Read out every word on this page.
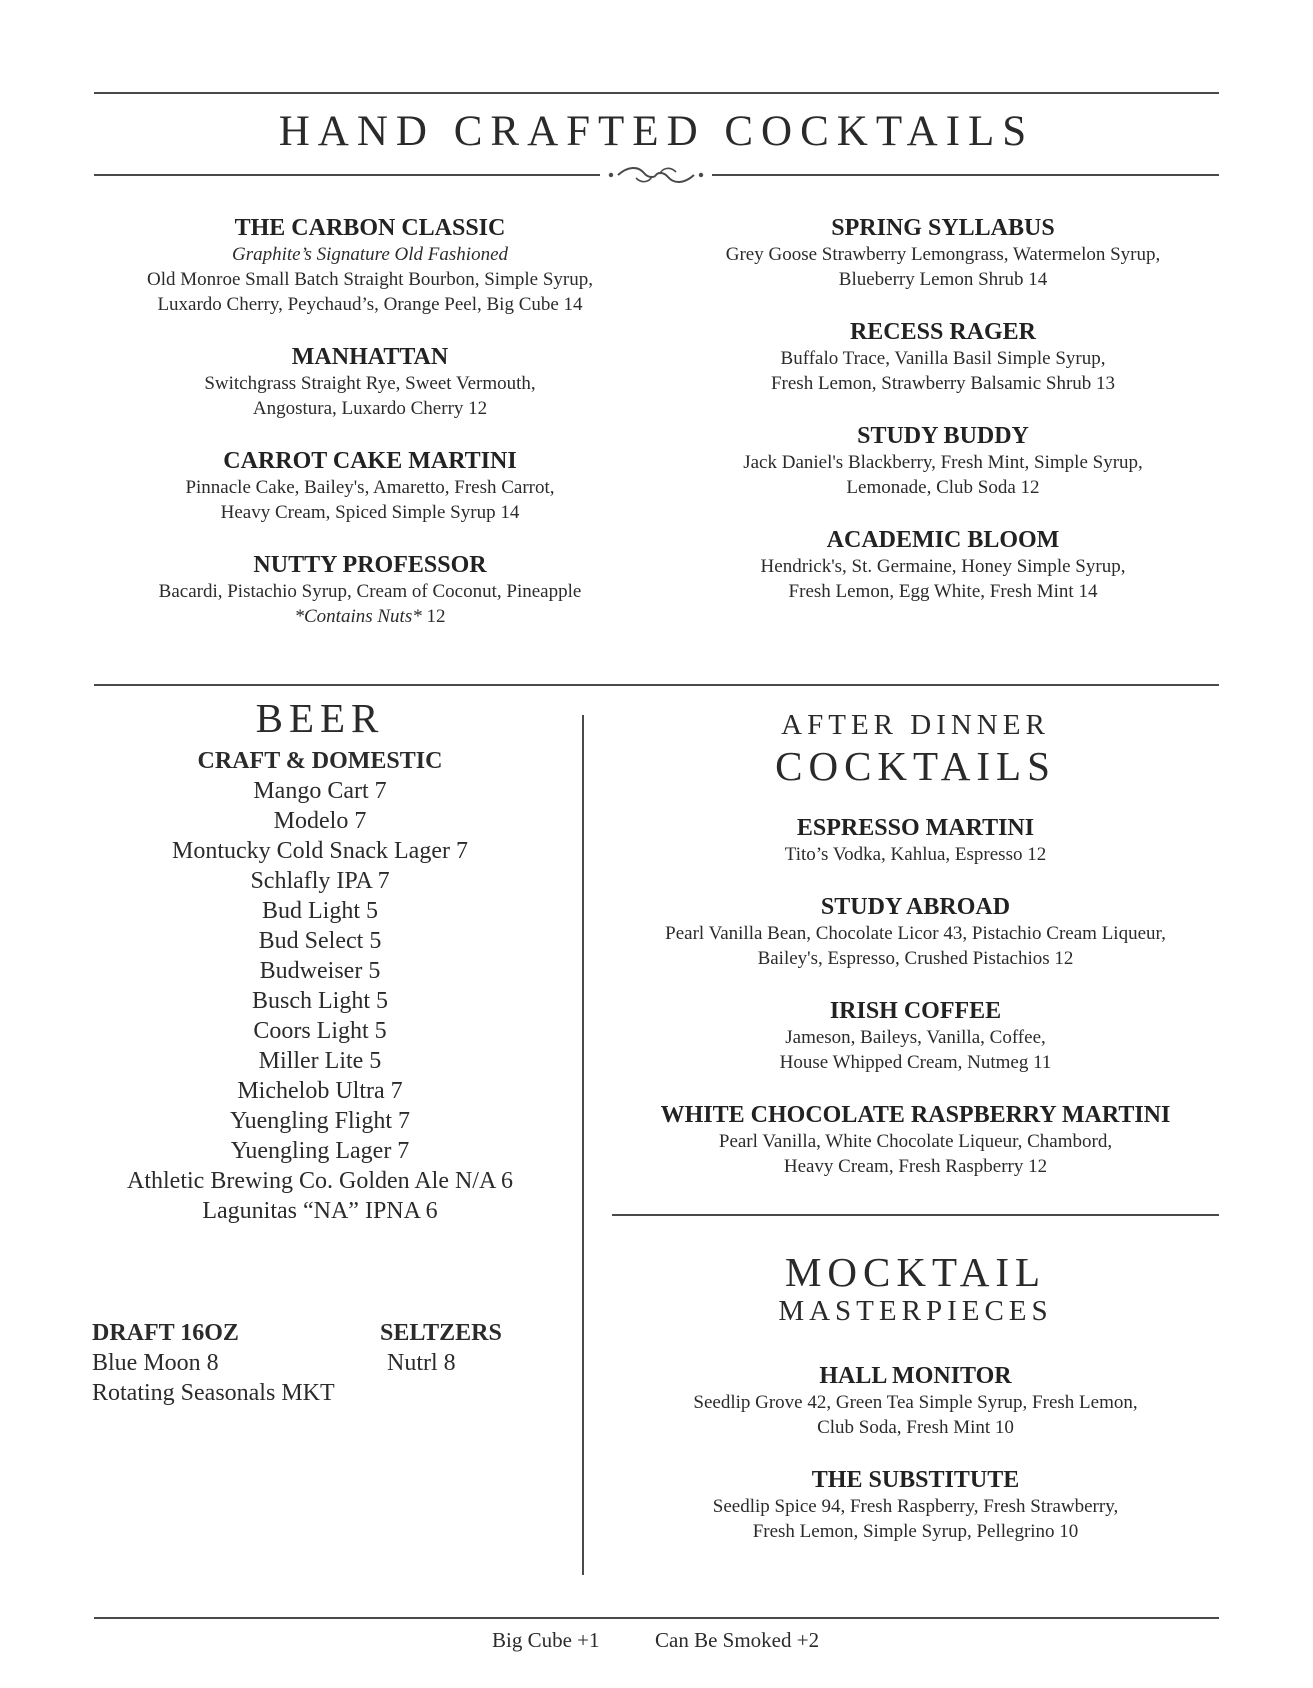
HAND CRAFTED COCKTAILS
THE CARBON CLASSIC
Graphite’s Signature Old Fashioned
Old Monroe Small Batch Straight Bourbon, Simple Syrup,
Luxardo Cherry, Peychaud’s, Orange Peel, Big Cube 14
MANHATTAN
Switchgrass Straight Rye, Sweet Vermouth,
Angostura, Luxardo Cherry 12
CARROT CAKE MARTINI
Pinnacle Cake, Bailey's, Amaretto, Fresh Carrot,
Heavy Cream, Spiced Simple Syrup 14
NUTTY PROFESSOR
Bacardi, Pistachio Syrup, Cream of Coconut, Pineapple
*Contains Nuts* 12
SPRING SYLLABUS
Grey Goose Strawberry Lemongrass, Watermelon Syrup,
Blueberry Lemon Shrub 14
RECESS RAGER
Buffalo Trace, Vanilla Basil Simple Syrup,
Fresh Lemon, Strawberry Balsamic Shrub 13
STUDY BUDDY
Jack Daniel's Blackberry, Fresh Mint, Simple Syrup,
Lemonade, Club Soda 12
ACADEMIC BLOOM
Hendrick's, St. Germaine, Honey Simple Syrup,
Fresh Lemon, Egg White, Fresh Mint 14
BEER
CRAFT & DOMESTIC
Mango Cart 7
Modelo 7
Montucky Cold Snack Lager 7
Schlafly IPA 7
Bud Light 5
Bud Select 5
Budweiser 5
Busch Light 5
Coors Light 5
Miller Lite 5
Michelob Ultra 7
Yuengling Flight 7
Yuengling Lager 7
Athletic Brewing Co. Golden Ale N/A 6
Lagunitas “NA” IPNA 6
DRAFT 16OZ
Blue Moon 8
Rotating Seasonals MKT
SELTZERS
Nutrl 8
AFTER DINNER
COCKTAILS
ESPRESSO MARTINI
Tito’s Vodka, Kahlua, Espresso 12
STUDY ABROAD
Pearl Vanilla Bean, Chocolate Licor 43, Pistachio Cream Liqueur,
Bailey's, Espresso, Crushed Pistachios 12
IRISH COFFEE
Jameson, Baileys, Vanilla, Coffee,
House Whipped Cream, Nutmeg 11
WHITE CHOCOLATE RASPBERRY MARTINI
Pearl Vanilla, White Chocolate Liqueur, Chambord,
Heavy Cream, Fresh Raspberry 12
MOCKTAIL
MASTERPIECES
HALL MONITOR
Seedlip Grove 42, Green Tea Simple Syrup, Fresh Lemon,
Club Soda, Fresh Mint 10
THE SUBSTITUTE
Seedlip Spice 94, Fresh Raspberry, Fresh Strawberry,
Fresh Lemon, Simple Syrup, Pellegrino 10
Big Cube +1	Can Be Smoked +2
